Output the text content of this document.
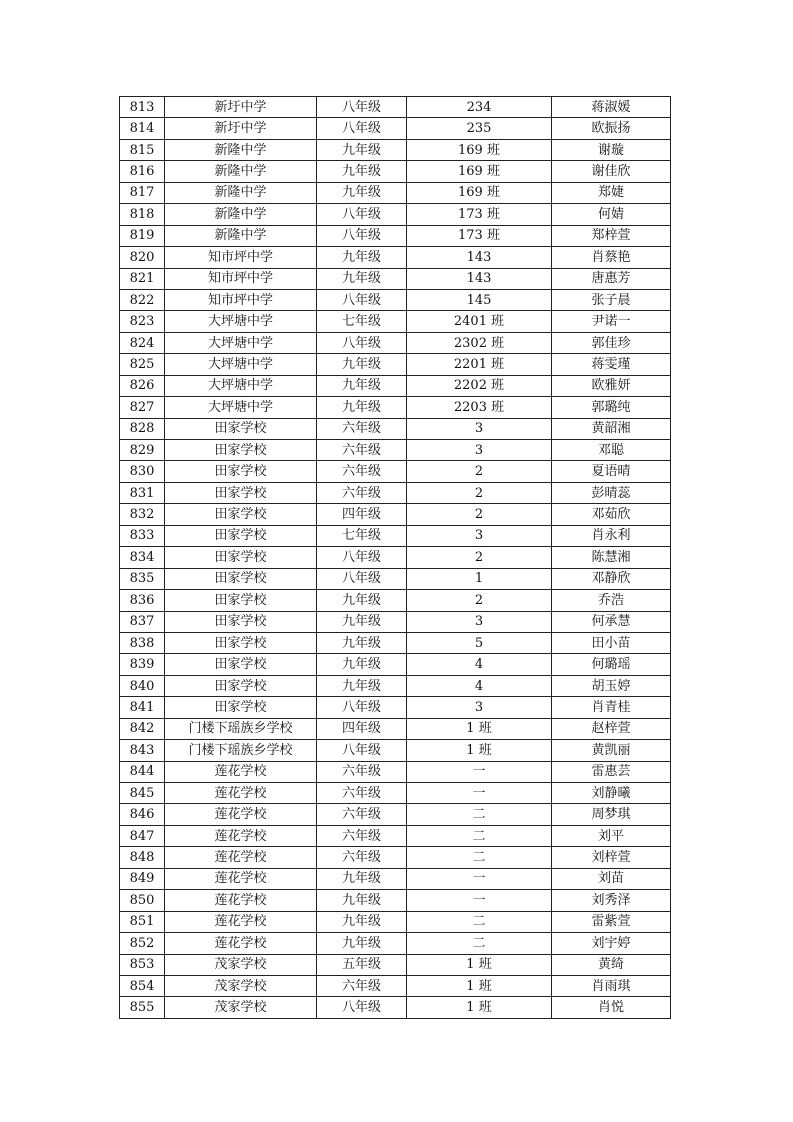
813	新圩中学	八年级	234	蒋淑媛
814	新圩中学	八年级	235	欧振扬
815	新隆中学	九年级	169 班	谢璇
816	新隆中学	九年级	169 班	谢佳欣
817	新隆中学	九年级	169 班	郑婕
818	新隆中学	八年级	173 班	何婧
819	新隆中学	八年级	173 班	郑梓萱
820	知市坪中学	九年级	143	肖蔡艳
821	知市坪中学	九年级	143	唐惠芳
822	知市坪中学	八年级	145	张子晨
823	大坪塘中学	七年级	2401 班	尹诺一
824	大坪塘中学	八年级	2302 班	郭佳珍
825	大坪塘中学	九年级	2201 班	蒋雯瑾
826	大坪塘中学	九年级	2202 班	欧雅妍
827	大坪塘中学	九年级	2203 班	郭璐纯
828	田家学校	六年级	3	黄韶湘
829	田家学校	六年级	3	邓聪
830	田家学校	六年级	2	夏语晴
831	田家学校	六年级	2	彭晴蕊
832	田家学校	四年级	2	邓茹欣
833	田家学校	七年级	3	肖永利
834	田家学校	八年级	2	陈慧湘
835	田家学校	八年级	1	邓静欣
836	田家学校	九年级	2	乔浩
837	田家学校	九年级	3	何承慧
838	田家学校	九年级	5	田小苗
839	田家学校	九年级	4	何璐瑶
840	田家学校	九年级	4	胡玉婷
841	田家学校	八年级	3	肖青桂
842	门楼下瑶族乡学校	四年级	1 班	赵梓萱
843	门楼下瑶族乡学校	八年级	1 班	黄凯丽
844	莲花学校	六年级	一	雷惠芸
845	莲花学校	六年级	一	刘静曦
846	莲花学校	六年级	二	周梦琪
847	莲花学校	六年级	二	刘平
848	莲花学校	六年级	二	刘梓萱
849	莲花学校	九年级	一	刘苗
850	莲花学校	九年级	一	刘秀泽
851	莲花学校	九年级	二	雷紫萱
852	莲花学校	九年级	二	刘宇婷
853	茂家学校	五年级	1 班	黄绮
854	茂家学校	六年级	1 班	肖雨琪
855	茂家学校	八年级	1 班	肖悦
